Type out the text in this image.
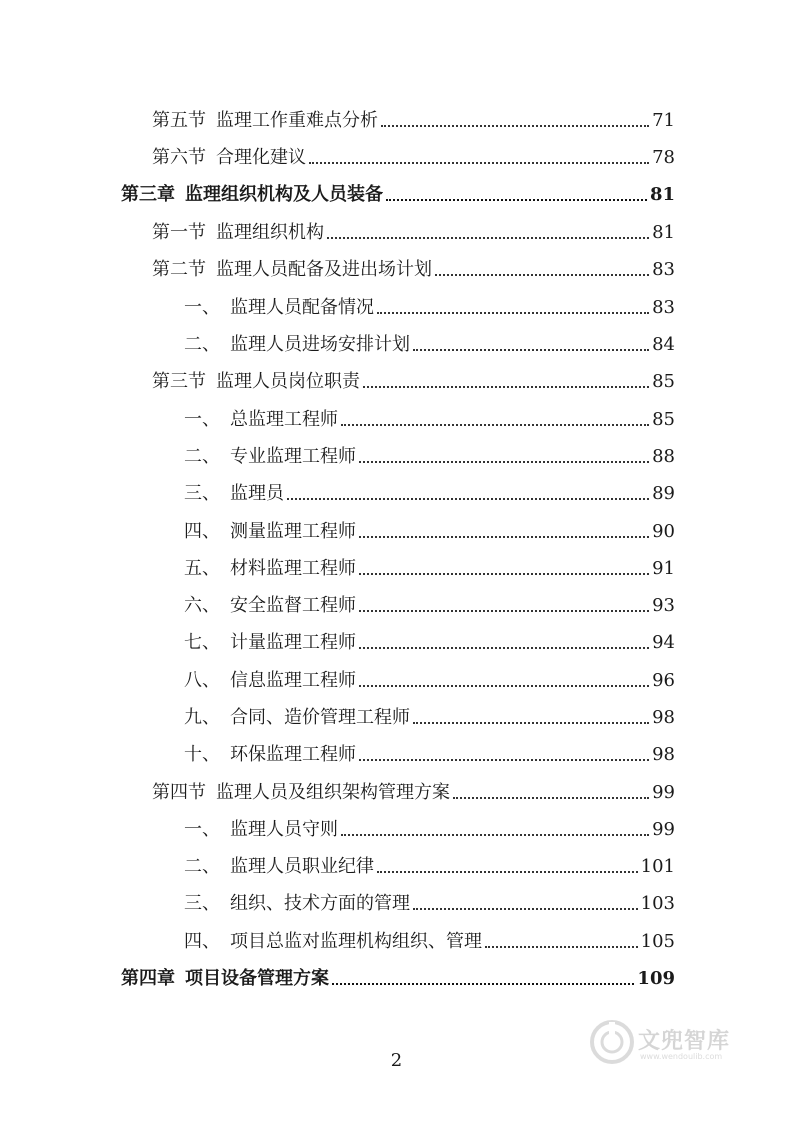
第五节 监理工作重难点分析	71
第六节 合理化建议	78
第三章 监理组织机构及人员装备	81
第一节 监理组织机构	81
第二节 监理人员配备及进出场计划	83
一、 监理人员配备情况	83
二、 监理人员进场安排计划	84
第三节 监理人员岗位职责	85
一、 总监理工程师	85
二、 专业监理工程师	88
三、 监理员	89
四、 测量监理工程师	90
五、 材料监理工程师	91
六、 安全监督工程师	93
七、 计量监理工程师	94
八、 信息监理工程师	96
九、 合同、造价管理工程师	98
十、 环保监理工程师	98
第四节 监理人员及组织架构管理方案	99
一、 监理人员守则	99
二、 监理人员职业纪律	101
三、 组织、技术方面的管理	103
四、 项目总监对监理机构组织、管理	105
第四章 项目设备管理方案	109
文兜智库
www.wendoulib.com
2
